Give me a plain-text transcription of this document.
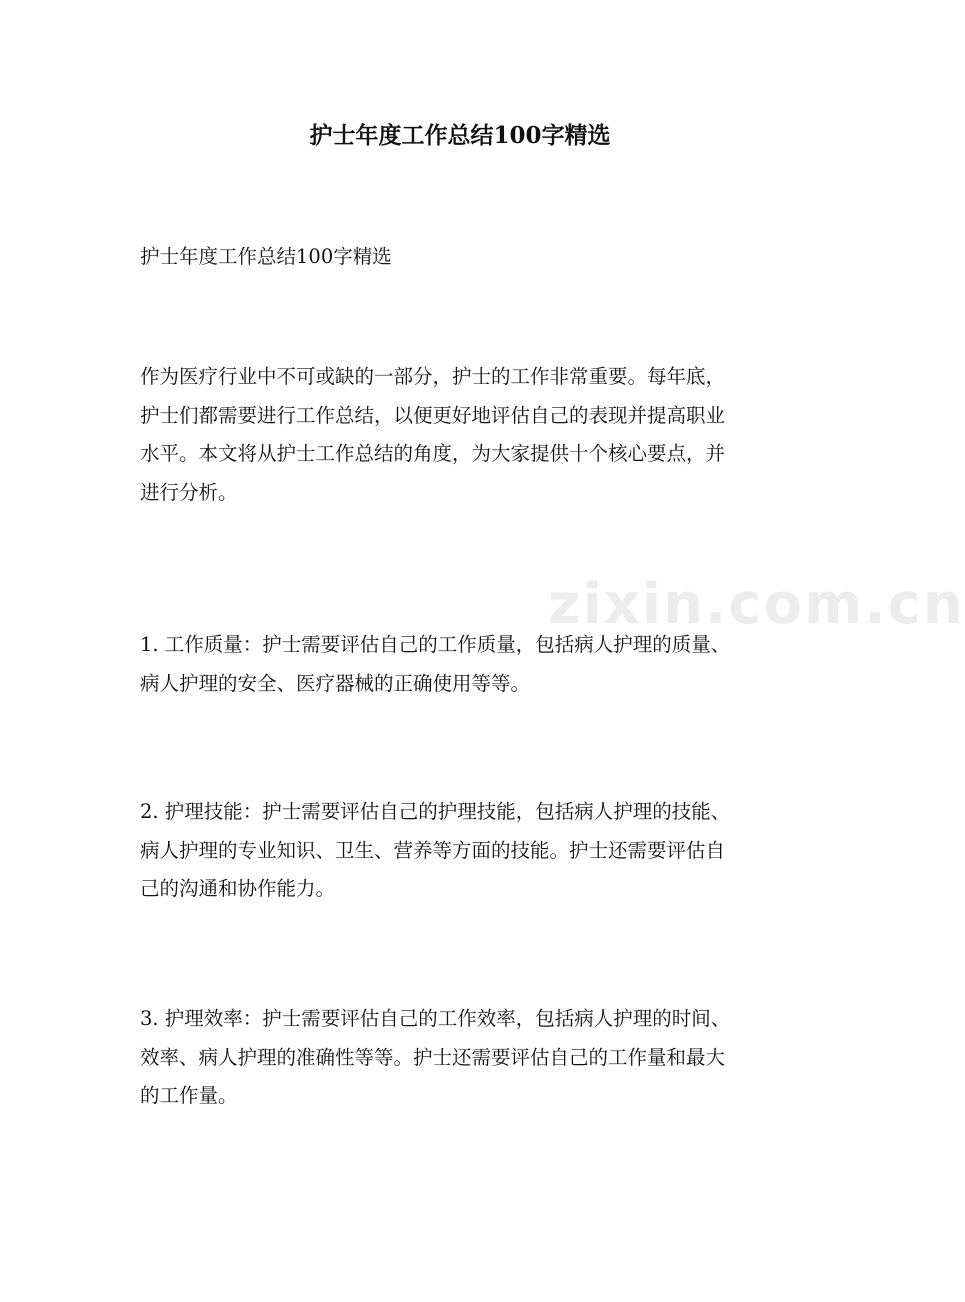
护士年度工作总结100字精选
护士年度工作总结100字精选
作为医疗行业中不可或缺的一部分，护士的工作非常重要。每年底，
护士们都需要进行工作总结，以便更好地评估自己的表现并提高职业
水平。本文将从护士工作总结的角度，为大家提供十个核心要点，并
进行分析。
1. 工作质量：护士需要评估自己的工作质量，包括病人护理的质量、
病人护理的安全、医疗器械的正确使用等等。
2. 护理技能：护士需要评估自己的护理技能，包括病人护理的技能、
病人护理的专业知识、卫生、营养等方面的技能。护士还需要评估自
己的沟通和协作能力。
3. 护理效率：护士需要评估自己的工作效率，包括病人护理的时间、
效率、病人护理的准确性等等。护士还需要评估自己的工作量和最大
的工作量。
zixin.com.cn
